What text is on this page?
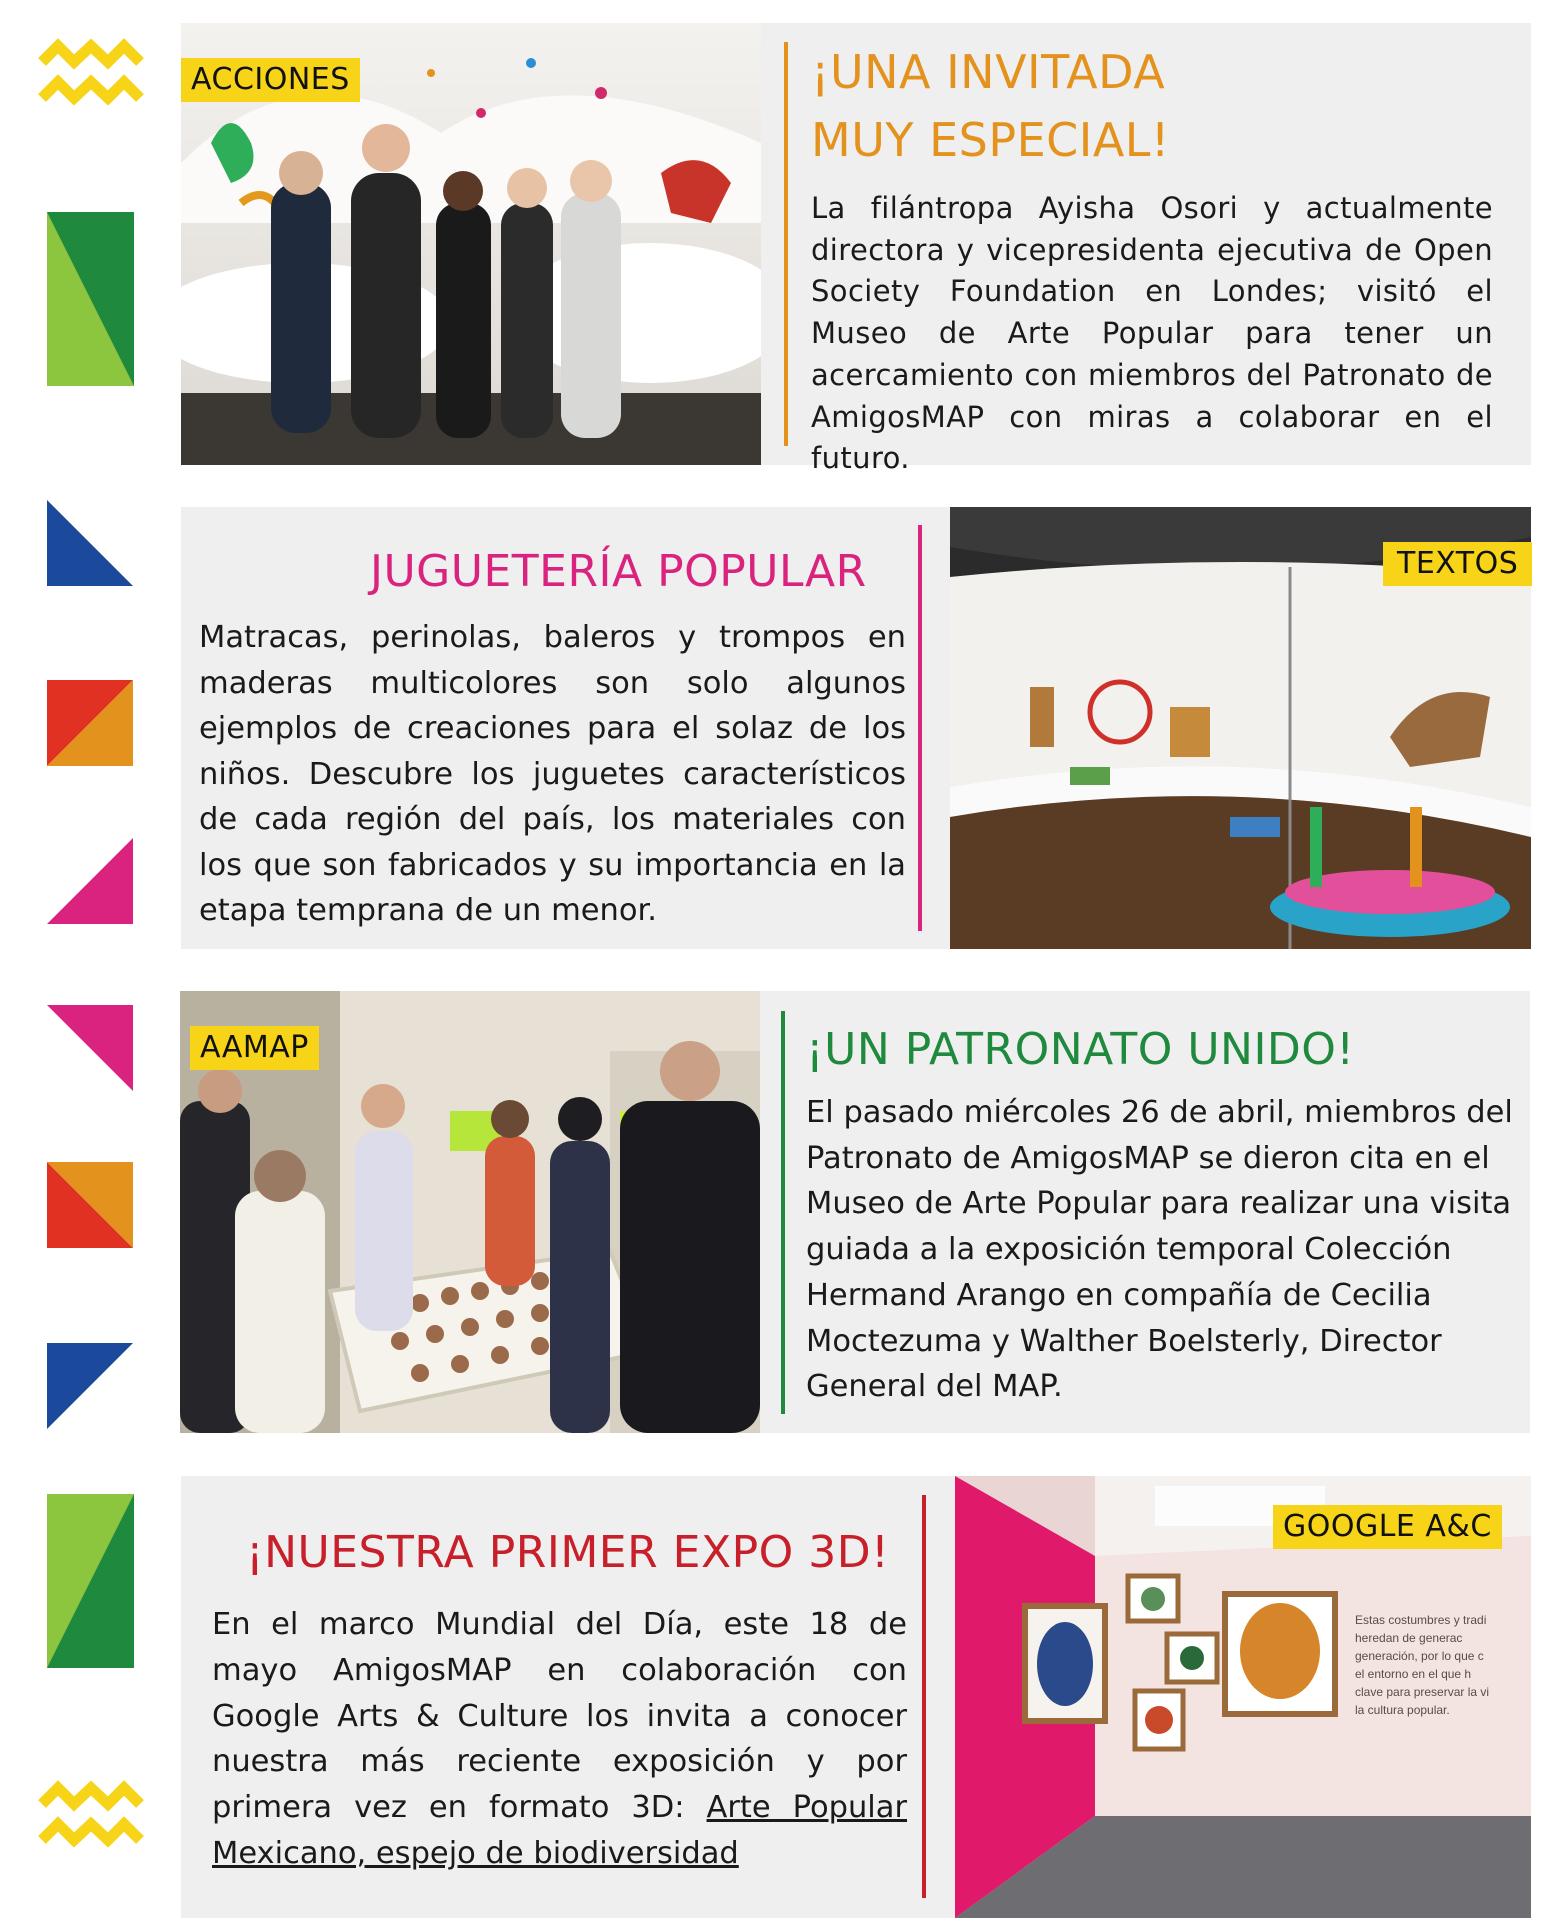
ACCIONES	¡UNA INVITADA
MUY ESPECIAL!
La filántropa Ayisha Osori y actualmente directora y vicepresidenta ejecutiva de Open Society Foundation en Londes; visitó el Museo de Arte Popular para tener un acercamiento con miembros del Patronato de AmigosMAP con miras a colaborar en el futuro.
JUGUETERÍA POPULAR
Matracas, perinolas, baleros y trompos en maderas multicolores son solo algunos ejemplos de creaciones para el solaz de los niños. Descubre los juguetes característicos de cada región del país, los materiales con los que son fabricados y su importancia en la etapa temprana de un menor.
TEXTOS
AAMAP	¡UN PATRONATO UNIDO!
El pasado miércoles 26 de abril, miembros del Patronato de AmigosMAP se dieron cita en el Museo de Arte Popular para realizar una visita guiada a la exposición temporal Colección Hermand Arango en compañía de Cecilia Moctezuma y Walther Boelsterly, Director General del MAP.
¡NUESTRA PRIMER EXPO 3D!
En el marco Mundial del Día, este 18 de mayo AmigosMAP en colaboración con Google Arts & Culture los invita a conocer nuestra más reciente exposición y por primera vez en formato 3D: Arte Popular Mexicano, espejo de biodiversidad
Estas costumbres y tradi
heredan de generac
generación, por lo que c
el entorno en el que h
clave para preservar la vi
la cultura popular.
GOOGLE A&C
